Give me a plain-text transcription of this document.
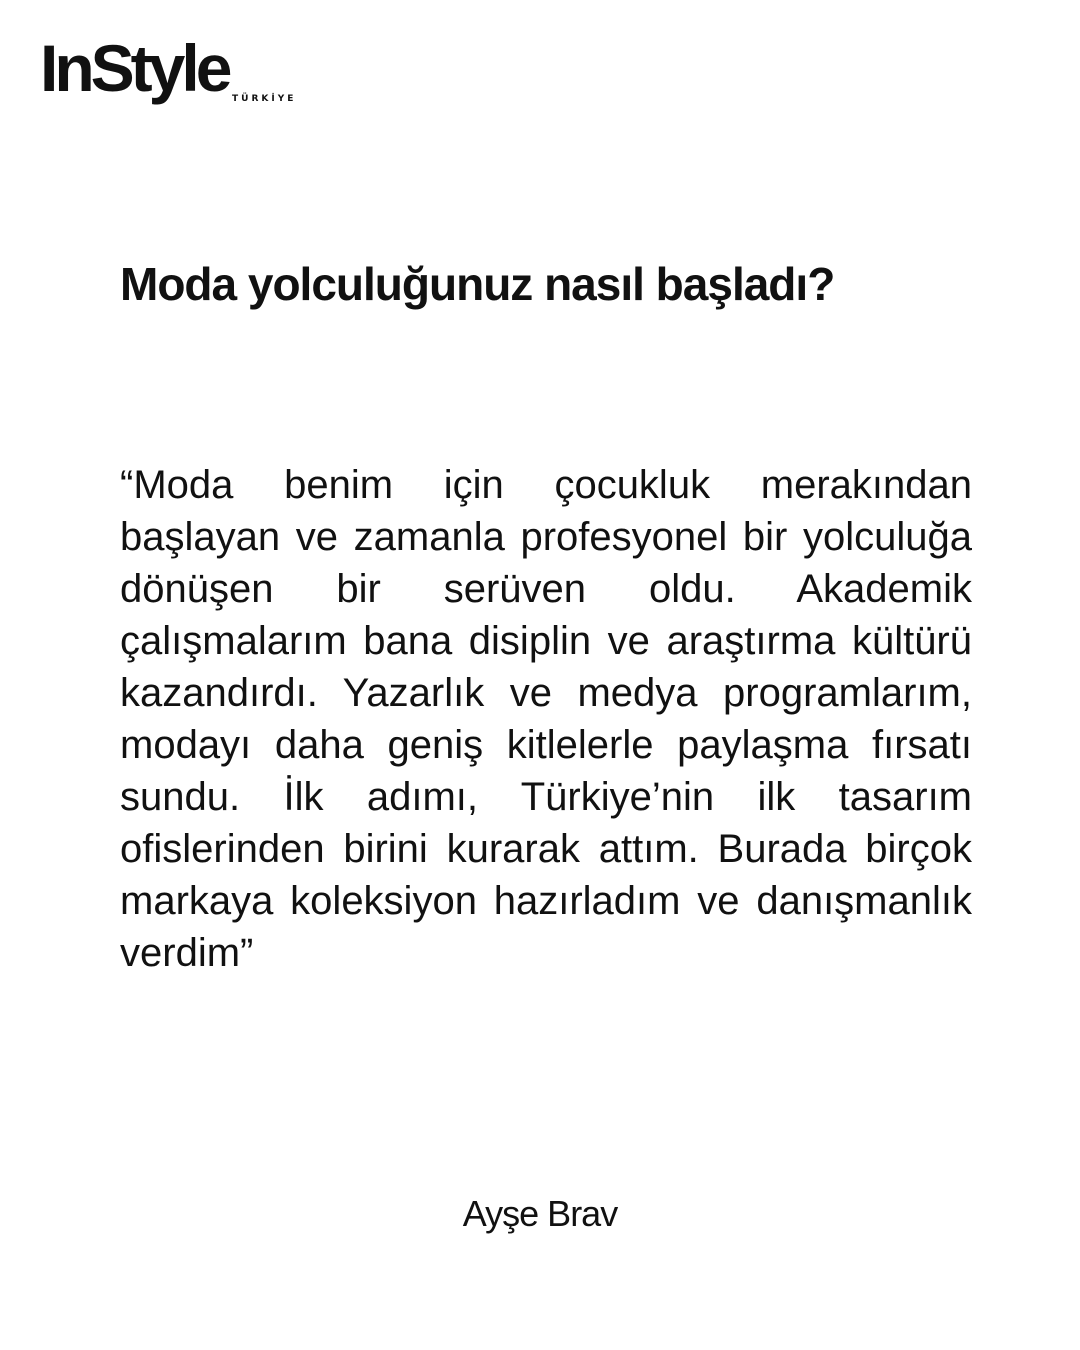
InStyle TÜRKİYE
Moda yolculuğunuz nasıl başladı?

“Moda benim için çocukluk merakından başlayan ve zamanla profesyonel bir yolculuğa dönüşen bir serüven oldu. Akademik çalışmalarım bana disiplin ve araştırma kültürü kazandırdı. Yazarlık ve medya programlarım, modayı daha geniş kitlelerle paylaşma fırsatı sundu. İlk adımı, Türkiye’nin ilk tasarım ofislerinden birini kurarak attım. Burada birçok markaya koleksiyon hazırladım ve danışmanlık verdim”

Ayşe Brav
